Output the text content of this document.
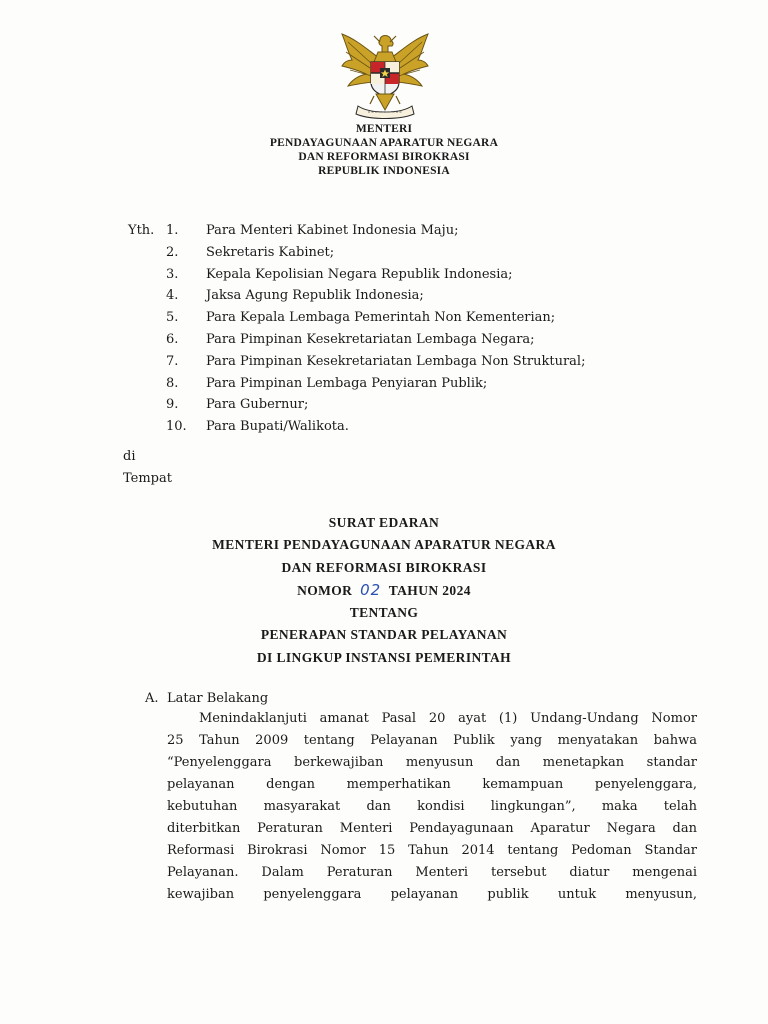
MENTERI
PENDAYAGUNAAN APARATUR NEGARA
DAN REFORMASI BIROKRASI
REPUBLIK INDONESIA
Yth. 1. Para Menteri Kabinet Indonesia Maju;
2. Sekretaris Kabinet;
3. Kepala Kepolisian Negara Republik Indonesia;
4. Jaksa Agung Republik Indonesia;
5. Para Kepala Lembaga Pemerintah Non Kementerian;
6. Para Pimpinan Kesekretariatan Lembaga Negara;
7. Para Pimpinan Kesekretariatan Lembaga Non Struktural;
8. Para Pimpinan Lembaga Penyiaran Publik;
9. Para Gubernur;
10. Para Bupati/Walikota.
di
Tempat
SURAT EDARAN
MENTERI PENDAYAGUNAAN APARATUR NEGARA
DAN REFORMASI BIROKRASI
NOMOR 02 TAHUN 2024
TENTANG
PENERAPAN STANDAR PELAYANAN
DI LINGKUP INSTANSI PEMERINTAH
A. Latar Belakang
Menindaklanjuti amanat Pasal 20 ayat (1) Undang-Undang Nomor
25 Tahun 2009 tentang Pelayanan Publik yang menyatakan bahwa
“Penyelenggara berkewajiban menyusun dan menetapkan standar
pelayanan dengan memperhatikan kemampuan penyelenggara,
kebutuhan masyarakat dan kondisi lingkungan”, maka telah
diterbitkan Peraturan Menteri Pendayagunaan Aparatur Negara dan
Reformasi Birokrasi Nomor 15 Tahun 2014 tentang Pedoman Standar
Pelayanan. Dalam Peraturan Menteri tersebut diatur mengenai
kewajiban penyelenggara pelayanan publik untuk menyusun,
